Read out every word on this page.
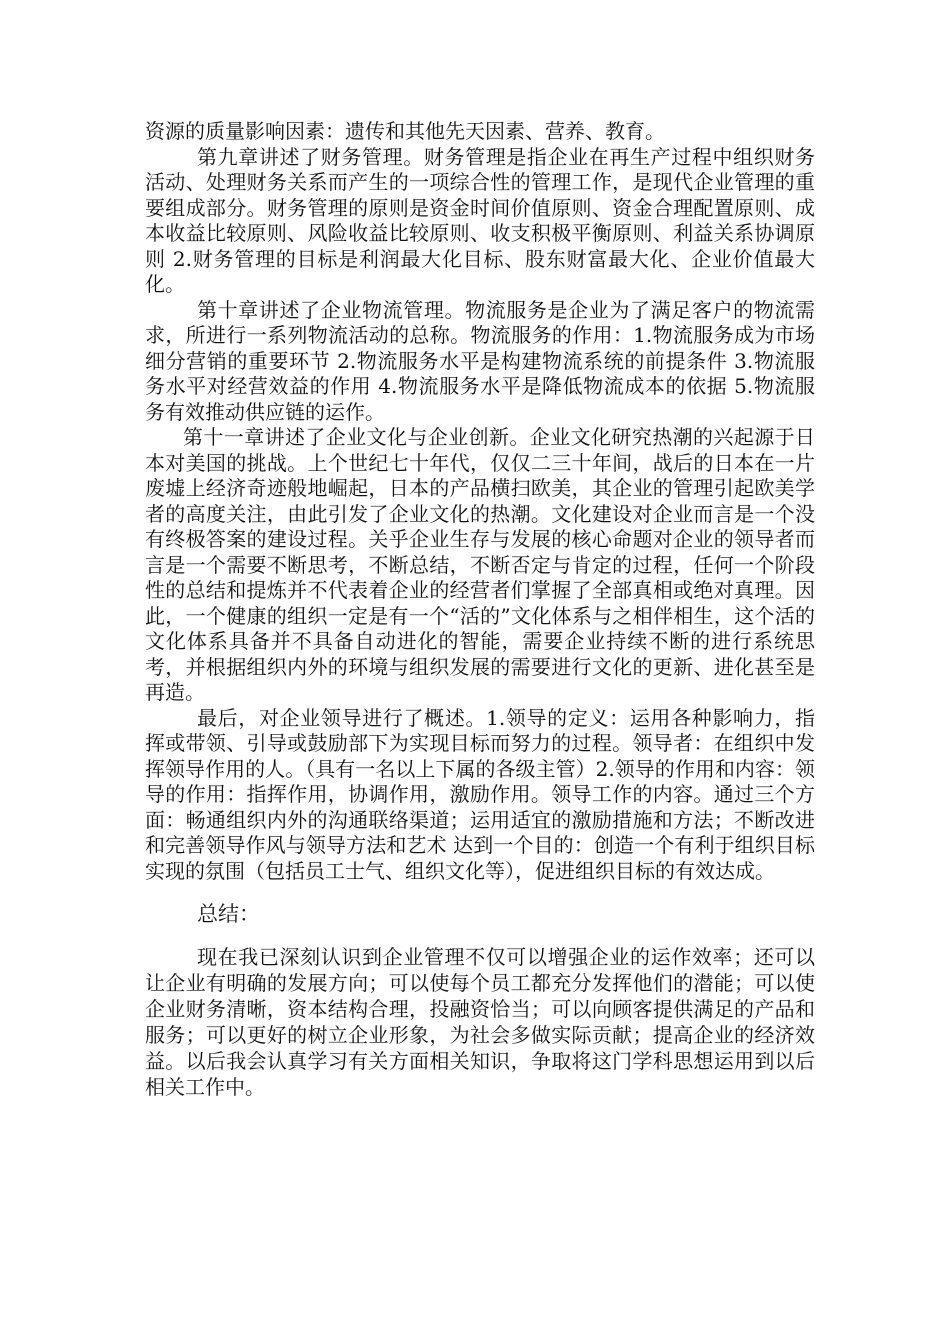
资源的质量影响因素：遗传和其他先天因素、营养、教育。

第九章讲述了财务管理。财务管理是指企业在再生产过程中组织财务活动、处理财务关系而产生的一项综合性的管理工作，是现代企业管理的重要组成部分。财务管理的原则是资金时间价值原则、资金合理配置原则、成本收益比较原则、风险收益比较原则、收支积极平衡原则、利益关系协调原则 2.财务管理的目标是利润最大化目标、股东财富最大化、企业价值最大化。

第十章讲述了企业物流管理。物流服务是企业为了满足客户的物流需求，所进行一系列物流活动的总称。物流服务的作用：1.物流服务成为市场细分营销的重要环节 2.物流服务水平是构建物流系统的前提条件 3.物流服务水平对经营效益的作用 4.物流服务水平是降低物流成本的依据 5.物流服务有效推动供应链的运作。

第十一章讲述了企业文化与企业创新。企业文化研究热潮的兴起源于日本对美国的挑战。上个世纪七十年代，仅仅二三十年间，战后的日本在一片废墟上经济奇迹般地崛起，日本的产品横扫欧美，其企业的管理引起欧美学者的高度关注，由此引发了企业文化的热潮。文化建设对企业而言是一个没有终极答案的建设过程。关乎企业生存与发展的核心命题对企业的领导者而言是一个需要不断思考，不断总结，不断否定与肯定的过程，任何一个阶段性的总结和提炼并不代表着企业的经营者们掌握了全部真相或绝对真理。因此，一个健康的组织一定是有一个“活的”文化体系与之相伴相生，这个活的文化体系具备并不具备自动进化的智能，需要企业持续不断的进行系统思考，并根据组织内外的环境与组织发展的需要进行文化的更新、进化甚至是再造。

最后，对企业领导进行了概述。1.领导的定义：运用各种影响力，指挥或带领、引导或鼓励部下为实现目标而努力的过程。领导者：在组织中发挥领导作用的人。（具有一名以上下属的各级主管）2.领导的作用和内容：领导的作用：指挥作用，协调作用，激励作用。领导工作的内容。通过三个方面：畅通组织内外的沟通联络渠道；运用适宜的激励措施和方法；不断改进和完善领导作风与领导方法和艺术 达到一个目的：创造一个有利于组织目标实现的氛围（包括员工士气、组织文化等），促进组织目标的有效达成。

总结：

现在我已深刻认识到企业管理不仅可以增强企业的运作效率；还可以让企业有明确的发展方向；可以使每个员工都充分发挥他们的潜能；可以使企业财务清晰，资本结构合理，投融资恰当；可以向顾客提供满足的产品和服务；可以更好的树立企业形象，为社会多做实际贡献；提高企业的经济效益。以后我会认真学习有关方面相关知识，争取将这门学科思想运用到以后相关工作中。
